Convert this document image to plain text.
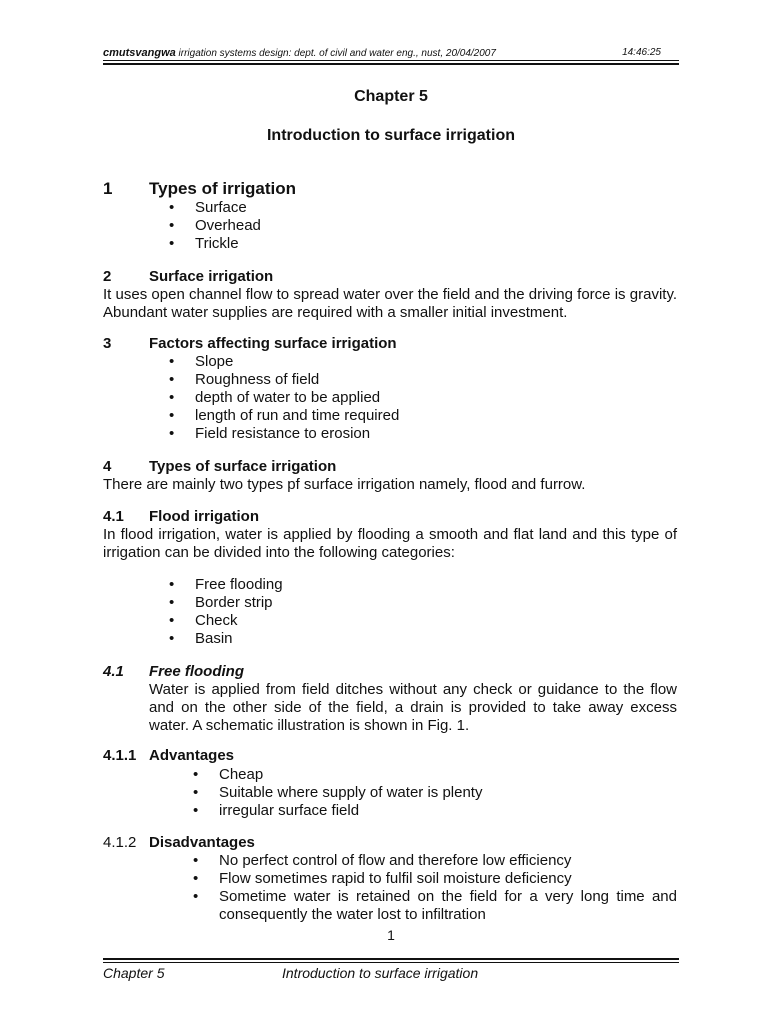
cmutsvangwa irrigation systems design: dept. of civil and water eng., nust, 20/04/2007	14:46:25
Chapter 5
Introduction to surface irrigation
1 Types of irrigation
• Surface
• Overhead
• Trickle
2	Surface irrigation
It uses open channel flow to spread water over the field and the driving force is gravity. Abundant water supplies are required with a smaller initial investment.
3	Factors affecting surface irrigation
• Slope
• Roughness of field
• depth of water to be applied
• length of run and time required
• Field resistance to erosion
4	Types of surface irrigation
There are mainly two types pf surface irrigation namely, flood and furrow.
4.1 Flood irrigation
In flood irrigation, water is applied by flooding a smooth and flat land and this type of irrigation can be divided into the following categories:
• Free flooding
• Border strip
• Check
• Basin
4.1 Free flooding
Water is applied from field ditches without any check or guidance to the flow and on the other side of the field, a drain is provided to take away excess water. A schematic illustration is shown in Fig. 1.
4.1.1 Advantages
• Cheap
• Suitable where supply of water is plenty
• irregular surface field
4.1.2 Disadvantages
• No perfect control of flow and therefore low efficiency
• Flow sometimes rapid to fulfil soil moisture deficiency
• Sometime water is retained on the field for a very long time and consequently the water lost to infiltration
1
Chapter 5	Introduction to surface irrigation
